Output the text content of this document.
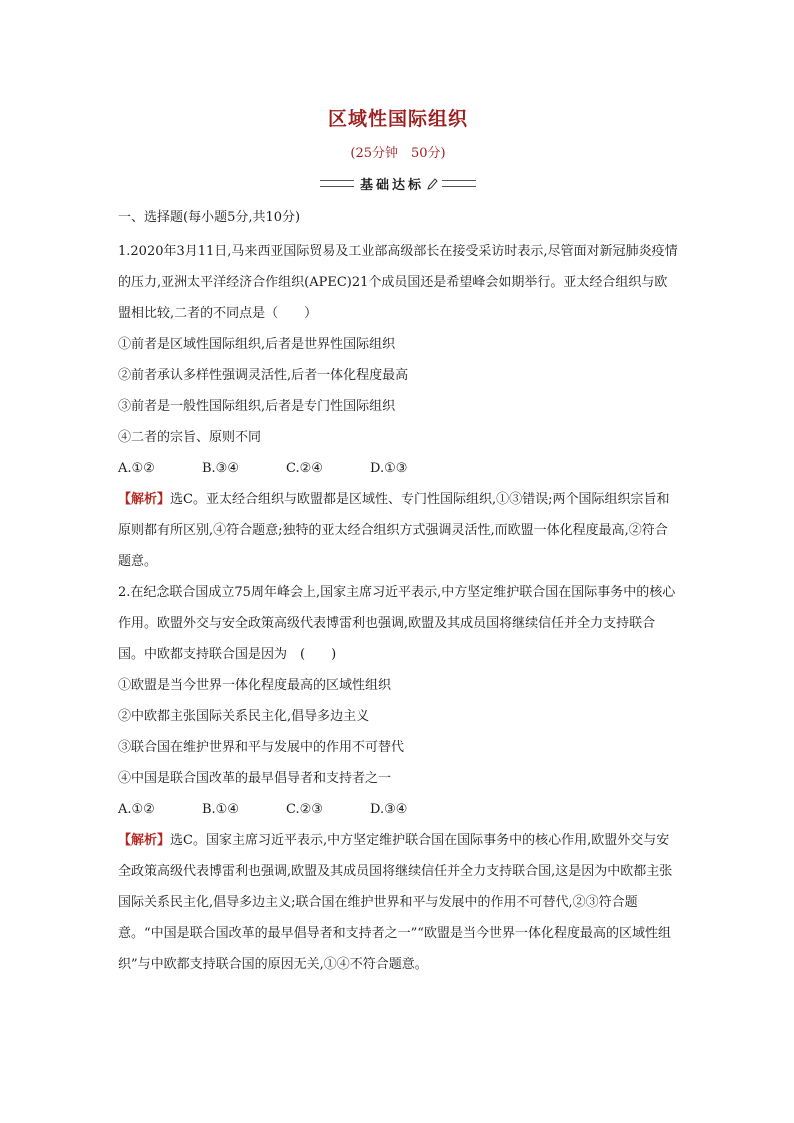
区域性国际组织
(25分钟　50分)
基础达标
一、选择题(每小题5分,共10分)
1.2020年3月11日,马来西亚国际贸易及工业部高级部长在接受采访时表示,尽管面对新冠肺炎疫情的压力,亚洲太平洋经济合作组织(APEC)21个成员国还是希望峰会如期举行。亚太经合组织与欧盟相比较,二者的不同点是（　　）
①前者是区域性国际组织,后者是世界性国际组织
②前者承认多样性强调灵活性,后者一体化程度最高
③前者是一般性国际组织,后者是专门性国际组织
④二者的宗旨、原则不同
A.①②	B.③④	C.②④	D.①③
【解析】选C。亚太经合组织与欧盟都是区域性、专门性国际组织,①③错误;两个国际组织宗旨和原则都有所区别,④符合题意;独特的亚太经合组织方式强调灵活性,而欧盟一体化程度最高,②符合题意。
2.在纪念联合国成立75周年峰会上,国家主席习近平表示,中方坚定维护联合国在国际事务中的核心作用。欧盟外交与安全政策高级代表博雷利也强调,欧盟及其成员国将继续信任并全力支持联合国。中欧都支持联合国是因为　(　　)
①欧盟是当今世界一体化程度最高的区域性组织
②中欧都主张国际关系民主化,倡导多边主义
③联合国在维护世界和平与发展中的作用不可替代
④中国是联合国改革的最早倡导者和支持者之一
A.①②	B.①④	C.②③	D.③④
【解析】选C。国家主席习近平表示,中方坚定维护联合国在国际事务中的核心作用,欧盟外交与安全政策高级代表博雷利也强调,欧盟及其成员国将继续信任并全力支持联合国,这是因为中欧都主张国际关系民主化,倡导多边主义;联合国在维护世界和平与发展中的作用不可替代,②③符合题意。“中国是联合国改革的最早倡导者和支持者之一”“欧盟是当今世界一体化程度最高的区域性组织”与中欧都支持联合国的原因无关,①④不符合题意。
